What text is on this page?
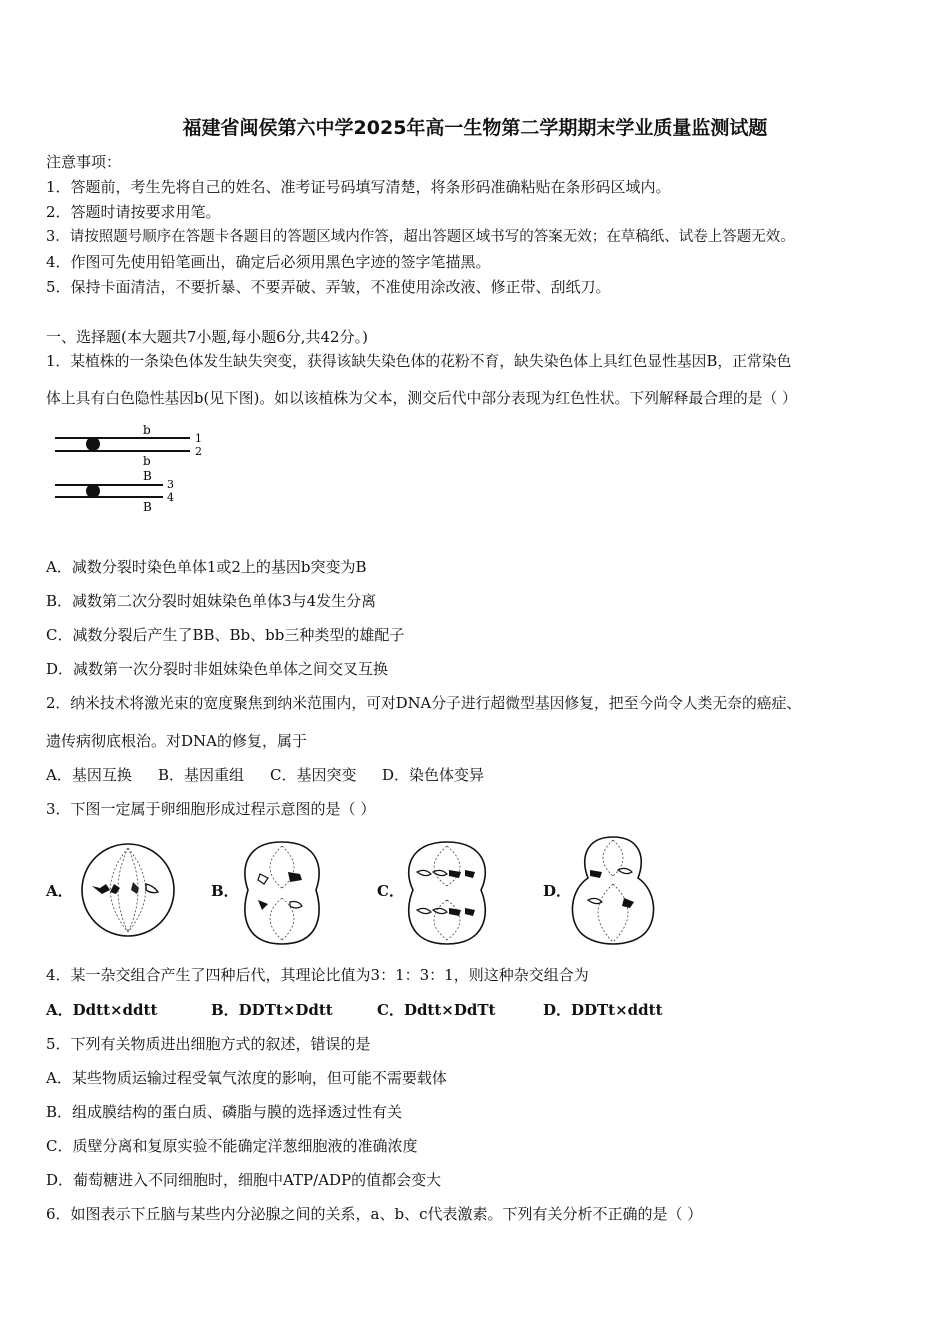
福建省闽侯第六中学2025年高一生物第二学期期末学业质量监测试题
注意事项：
1．答题前，考生先将自己的姓名、准考证号码填写清楚，将条形码准确粘贴在条形码区域内。
2．答题时请按要求用笔。
3．请按照题号顺序在答题卡各题目的答题区域内作答，超出答题区域书写的答案无效；在草稿纸、试卷上答题无效。
4．作图可先使用铅笔画出，确定后必须用黑色字迹的签字笔描黑。
5．保持卡面清洁，不要折暴、不要弄破、弄皱，不准使用涂改液、修正带、刮纸刀。
一、选择题(本大题共7小题,每小题6分,共42分。)
1．某植株的一条染色体发生缺失突变，获得该缺失染色体的花粉不育，缺失染色体上具红色显性基因B，正常染色
体上具有白色隐性基因b(见下图)。如以该植株为父本，测交后代中部分表现为红色性状。下列解释最合理的是（ ）
b
1
2
b
B
3
4
B
A．减数分裂时染色单体1或2上的基因b突变为B
B．减数第二次分裂时姐妹染色单体3与4发生分离
C．减数分裂后产生了BB、Bb、bb三种类型的雄配子
D．减数第一次分裂时非姐妹染色单体之间交叉互换
2．纳米技术将激光束的宽度聚焦到纳米范围内，可对DNA分子进行超微型基因修复，把至今尚令人类无奈的癌症、
遗传病彻底根治。对DNA的修复，属于
A．基因互换 B．基因重组 C．基因突变 D．染色体变异
3．下图一定属于卵细胞形成过程示意图的是（ ）
A．	B．	C．	D．
4．某一杂交组合产生了四种后代，其理论比值为3：1：3：1，则这种杂交组合为
A．Ddtt×ddtt	B．DDTt×Ddtt	C．Ddtt×DdTt	D．DDTt×ddtt
5．下列有关物质进出细胞方式的叙述，错误的是
A．某些物质运输过程受氧气浓度的影响，但可能不需要载体
B．组成膜结构的蛋白质、磷脂与膜的选择透过性有关
C．质壁分离和复原实验不能确定洋葱细胞液的准确浓度
D．葡萄糖进入不同细胞时，细胞中ATP/ADP的值都会变大
6．如图表示下丘脑与某些内分泌腺之间的关系，a、b、c代表激素。下列有关分析不正确的是（ ）
